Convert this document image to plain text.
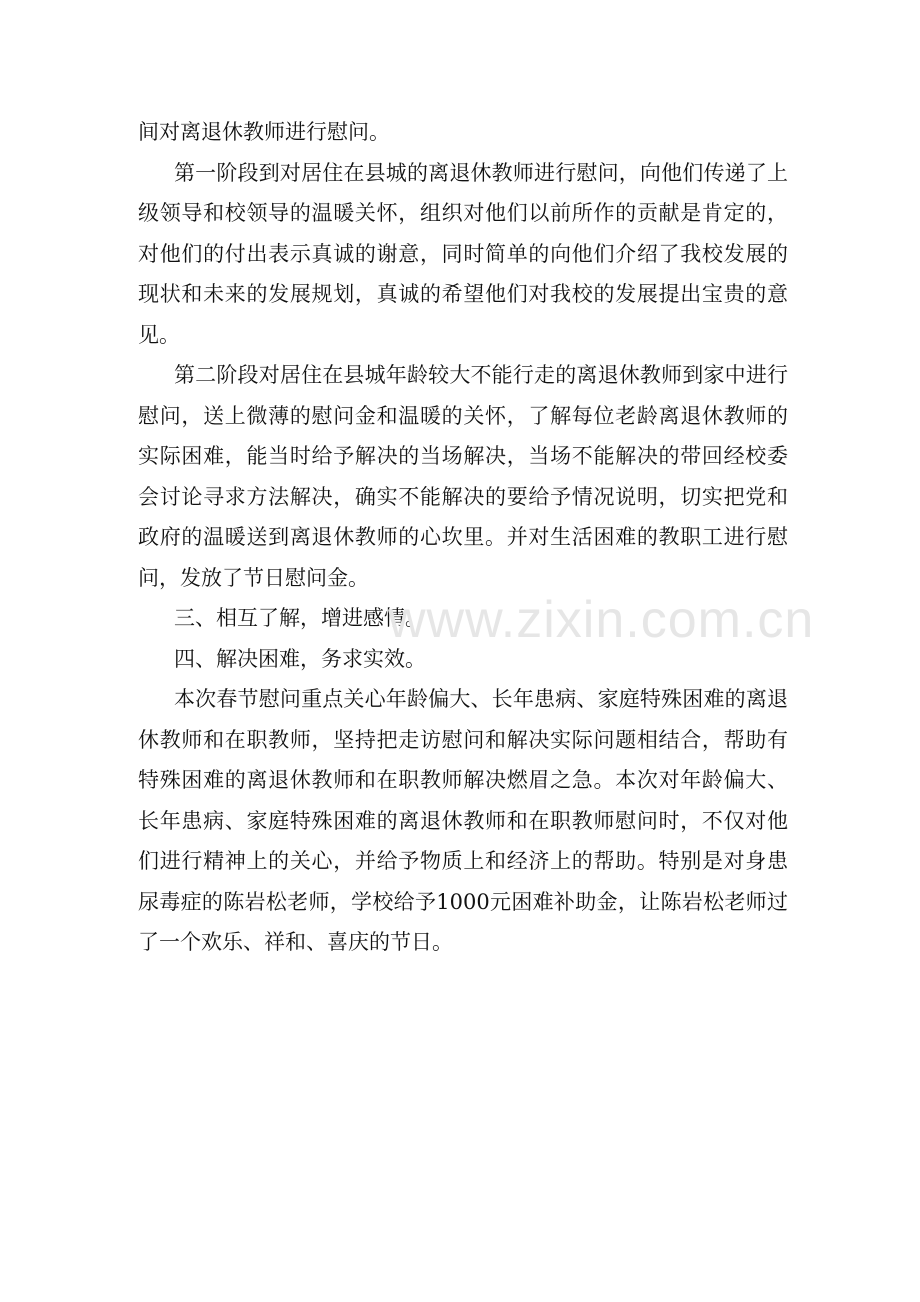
间对离退休教师进行慰问。

第一阶段到对居住在县城的离退休教师进行慰问，向他们传递了上级领导和校领导的温暖关怀，组织对他们以前所作的贡献是肯定的，对他们的付出表示真诚的谢意，同时简单的向他们介绍了我校发展的现状和未来的发展规划，真诚的希望他们对我校的发展提出宝贵的意见。

第二阶段对居住在县城年龄较大不能行走的离退休教师到家中进行慰问，送上微薄的慰问金和温暖的关怀，了解每位老龄离退休教师的实际困难，能当时给予解决的当场解决，当场不能解决的带回经校委会讨论寻求方法解决，确实不能解决的要给予情况说明，切实把党和政府的温暖送到离退休教师的心坎里。并对生活困难的教职工进行慰问，发放了节日慰问金。

三、相互了解，增进感情。

四、解决困难，务求实效。

本次春节慰问重点关心年龄偏大、长年患病、家庭特殊困难的离退休教师和在职教师，坚持把走访慰问和解决实际问题相结合，帮助有特殊困难的离退休教师和在职教师解决燃眉之急。本次对年龄偏大、长年患病、家庭特殊困难的离退休教师和在职教师慰问时，不仅对他们进行精神上的关心，并给予物质上和经济上的帮助。特别是对身患尿毒症的陈岩松老师，学校给予1000元困难补助金，让陈岩松老师过了一个欢乐、祥和、喜庆的节日。

www.zixin.com.cn
